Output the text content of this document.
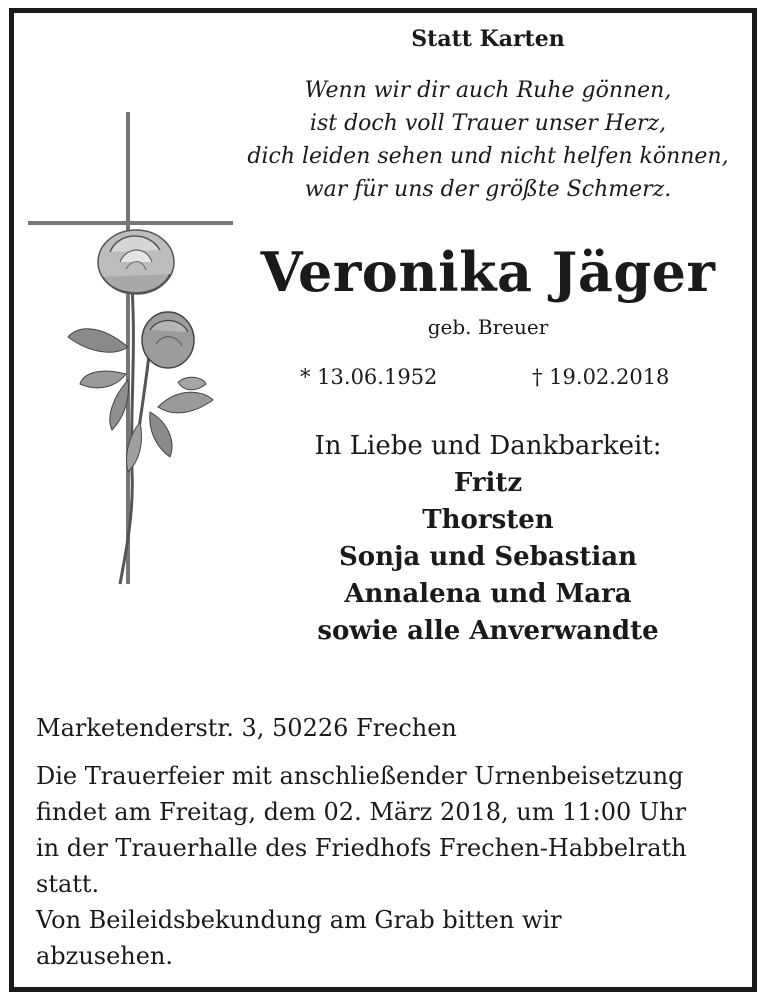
Statt Karten
Wenn wir dir auch Ruhe gönnen,
ist doch voll Trauer unser Herz,
dich leiden sehen und nicht helfen können,
war für uns der größte Schmerz.
Veronika Jäger
geb. Breuer
* 13.06.1952	† 19.02.2018
In Liebe und Dankbarkeit:
Fritz
Thorsten
Sonja und Sebastian
Annalena und Mara
sowie alle Anverwandte
Marketenderstr. 3, 50226 Frechen
Die Trauerfeier mit anschließender Urnenbeisetzung
findet am Freitag, dem 02. März 2018, um 11:00 Uhr
in der Trauerhalle des Friedhofs Frechen-Habbelrath
statt.
Von Beileidsbekundung am Grab bitten wir
abzusehen.
